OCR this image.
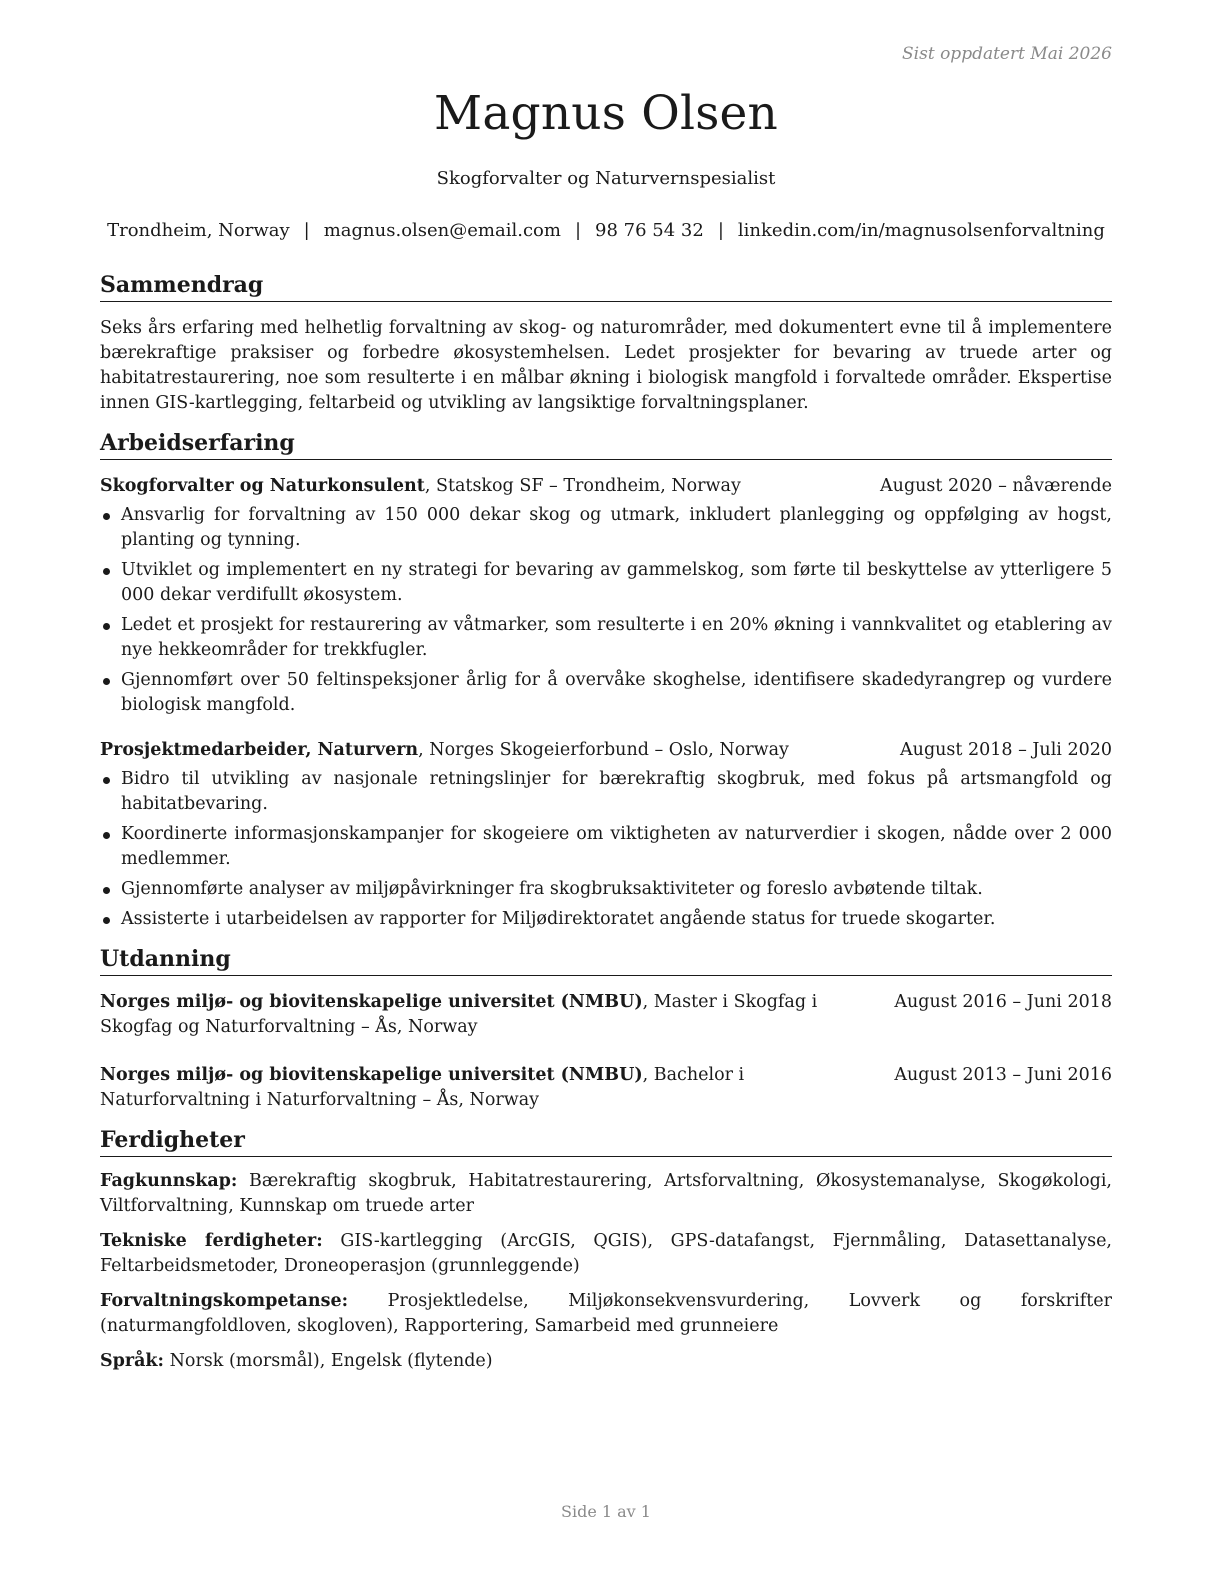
Sist oppdatert Mai 2026
Magnus Olsen
Skogforvalter og Naturvernspesialist
Trondheim, Norway | magnus.olsen@email.com | 98 76 54 32 | linkedin.com/in/magnusolsenforvaltning
Sammendrag

Seks års erfaring med helhetlig forvaltning av skog- og naturområder, med dokumentert evne til å implementere bærekraftige praksiser og forbedre økosystemhelsen. Ledet prosjekter for bevaring av truede arter og habitatrestaurering, noe som resulterte i en målbar økning i biologisk mangfold i forvaltede områder. Ekspertise innen GIS-kartlegging, feltarbeid og utvikling av langsiktige forvaltningsplaner.

Arbeidserfaring
Skogforvalter og Naturkonsulent, Statskog SF – Trondheim, Norway	August 2020 – nåværende
Ansvarlig for forvaltning av 150 000 dekar skog og utmark, inkludert planlegging og oppfølging av hogst, planting og tynning.
Utviklet og implementert en ny strategi for bevaring av gammelskog, som førte til beskyttelse av ytterligere 5 000 dekar verdifullt økosystem.
Ledet et prosjekt for restaurering av våtmarker, som resulterte i en 20% økning i vannkvalitet og etablering av nye hekkeområder for trekkfugler.
Gjennomført over 50 feltinspeksjoner årlig for å overvåke skoghelse, identifisere skadedyrangrep og vurdere biologisk mangfold.
Prosjektmedarbeider, Naturvern, Norges Skogeierforbund – Oslo, Norway	August 2018 – Juli 2020
Bidro til utvikling av nasjonale retningslinjer for bærekraftig skogbruk, med fokus på artsmangfold og habitatbevaring.
Koordinerte informasjonskampanjer for skogeiere om viktigheten av naturverdier i skogen, nådde over 2 000 medlemmer.
Gjennomførte analyser av miljøpåvirkninger fra skogbruksaktiviteter og foreslo avbøtende tiltak.
Assisterte i utarbeidelsen av rapporter for Miljødirektoratet angående status for truede skogarter.
Utdanning
Norges miljø- og biovitenskapelige universitet (NMBU), Master i Skogfag i Skogfag og Naturforvaltning – Ås, Norway
August 2016 – Juni 2018
Norges miljø- og biovitenskapelige universitet (NMBU), Bachelor i Naturforvaltning i Naturforvaltning – Ås, Norway
August 2013 – Juni 2016
Ferdigheter
Fagkunnskap: Bærekraftig skogbruk, Habitatrestaurering, Artsforvaltning, Økosystemanalyse, Skogøkologi, Viltforvaltning, Kunnskap om truede arter
Tekniske ferdigheter: GIS-kartlegging (ArcGIS, QGIS), GPS-datafangst, Fjernmåling, Datasettanalyse, Feltarbeidsmetoder, Droneoperasjon (grunnleggende)
Forvaltningskompetanse: Prosjektledelse, Miljøkonsekvensvurdering, Lovverk og forskrifter (naturmangfoldloven, skogloven), Rapportering, Samarbeid med grunneiere
Språk: Norsk (morsmål), Engelsk (flytende)
Side 1 av 1
